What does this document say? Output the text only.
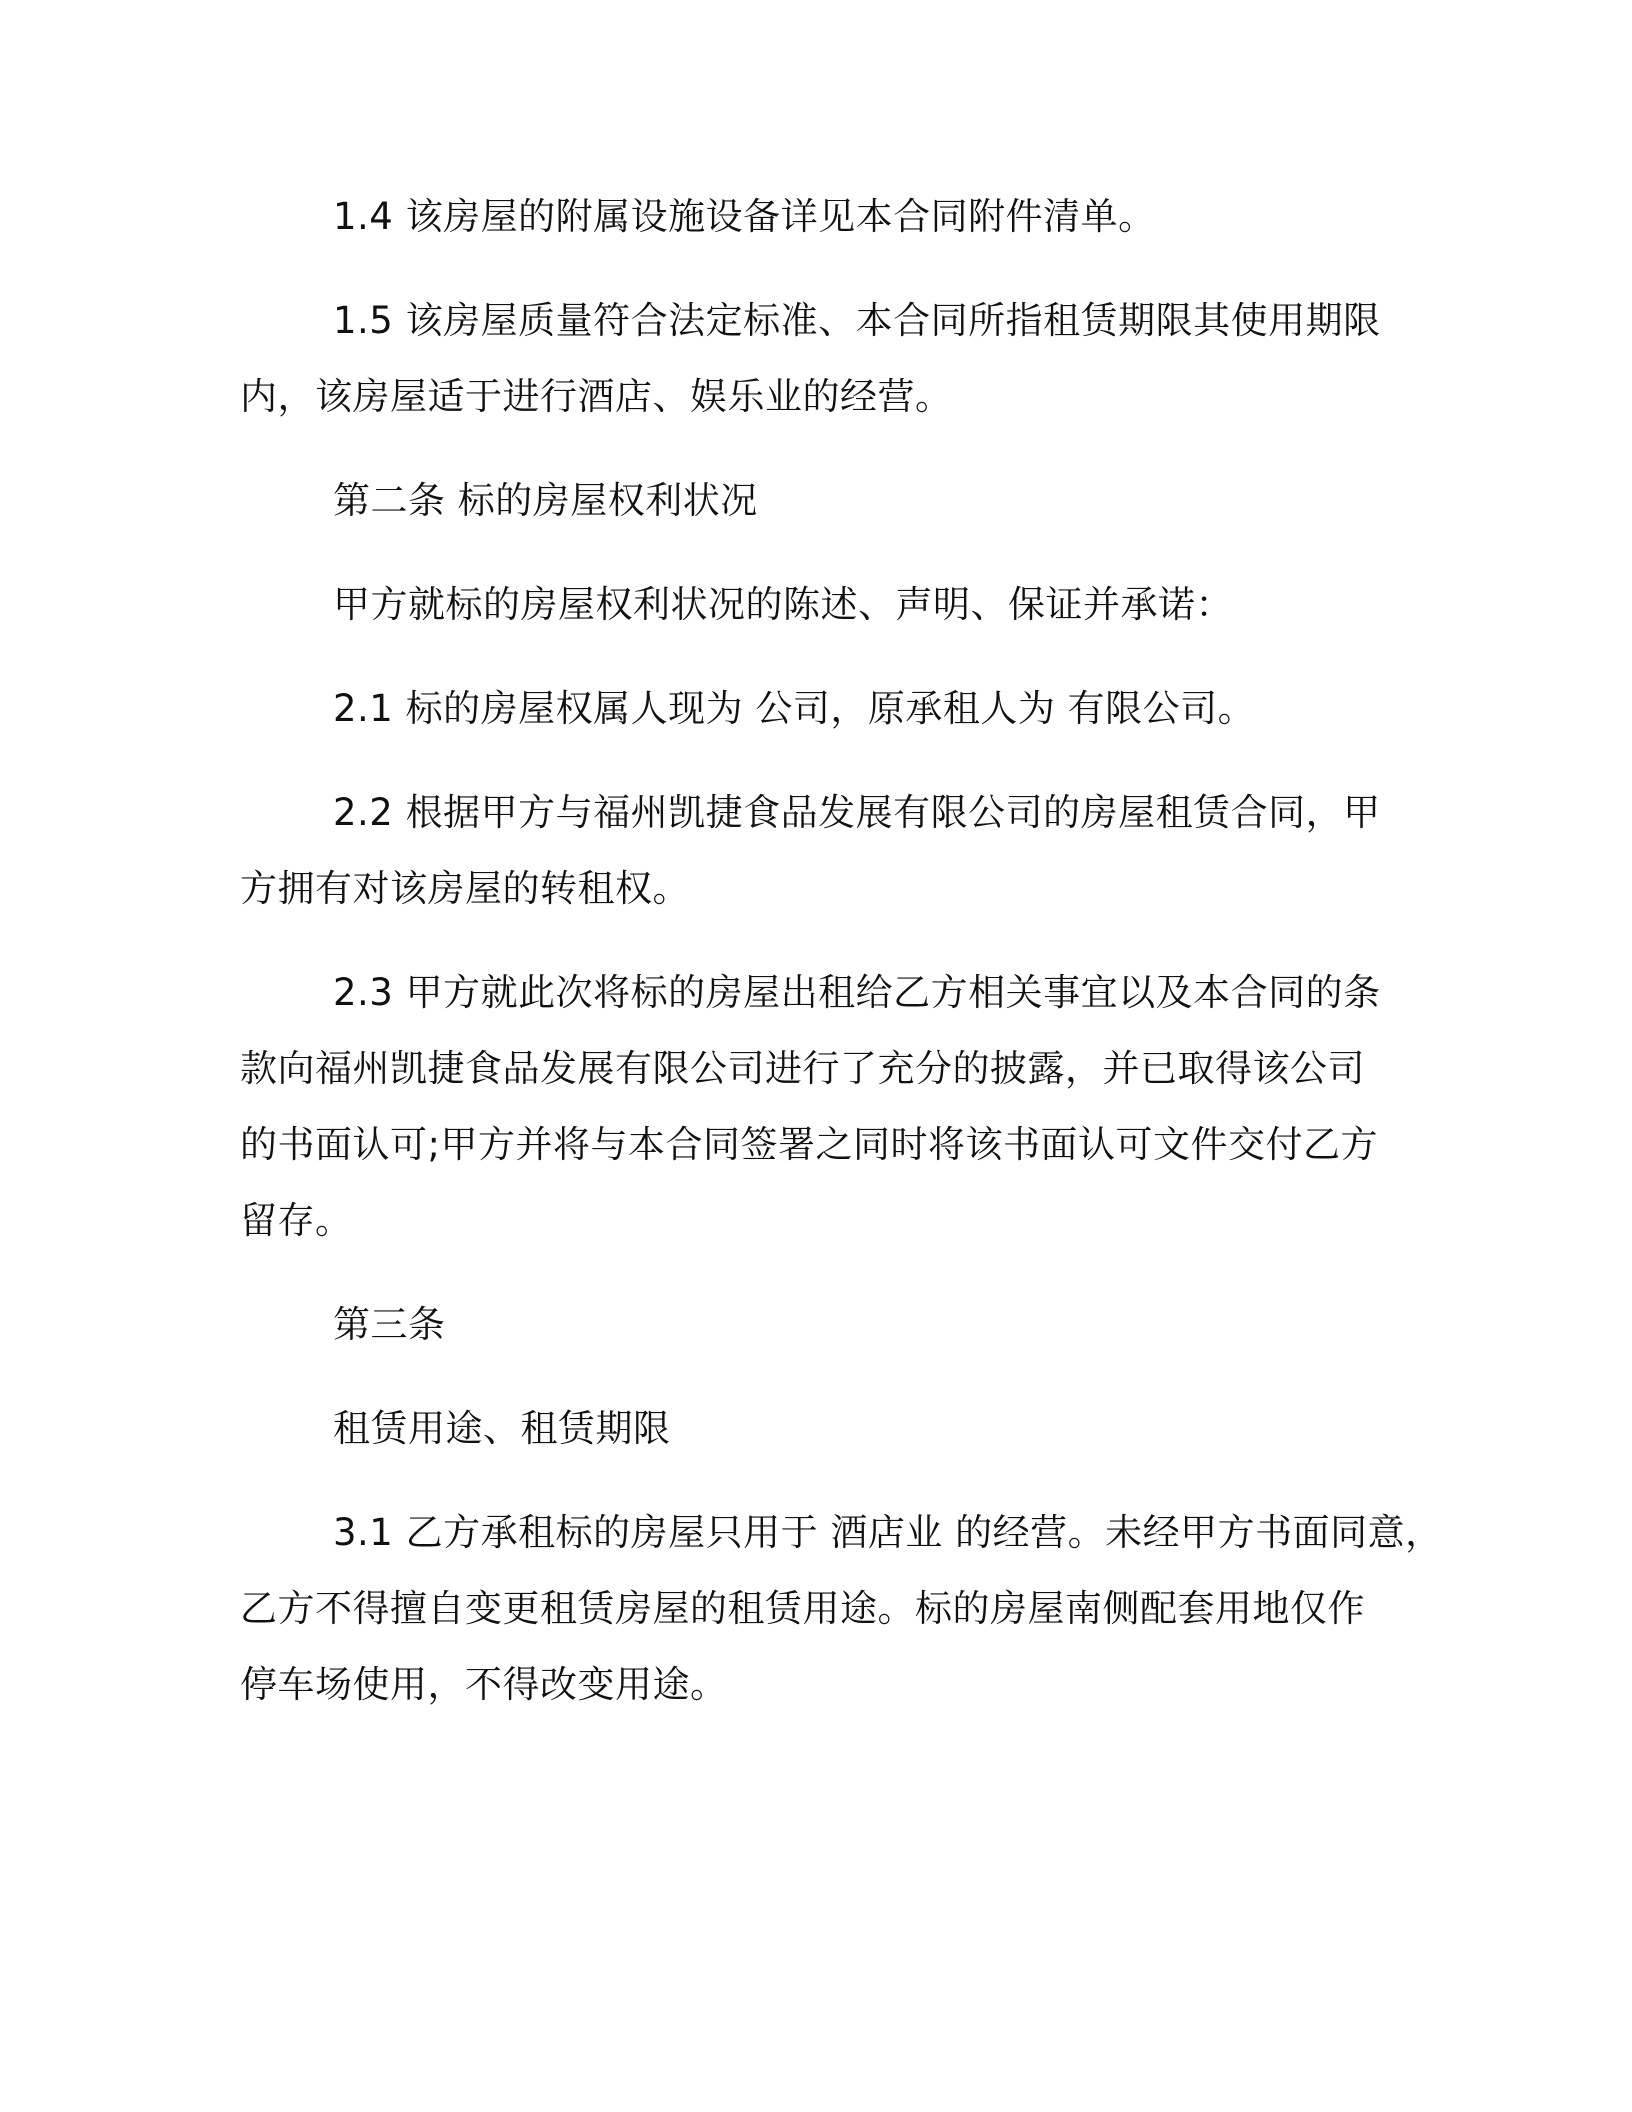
1.4 该房屋的附属设施设备详见本合同附件清单。
1.5 该房屋质量符合法定标准、本合同所指租赁期限其使用期限
内，该房屋适于进行酒店、娱乐业的经营。
第二条 标的房屋权利状况
甲方就标的房屋权利状况的陈述、声明、保证并承诺：
2.1 标的房屋权属人现为 公司，原承租人为 有限公司。
2.2 根据甲方与福州凯捷食品发展有限公司的房屋租赁合同，甲
方拥有对该房屋的转租权。
2.3 甲方就此次将标的房屋出租给乙方相关事宜以及本合同的条
款向福州凯捷食品发展有限公司进行了充分的披露，并已取得该公司
的书面认可;甲方并将与本合同签署之同时将该书面认可文件交付乙方
留存。
第三条
租赁用途、租赁期限
3.1 乙方承租标的房屋只用于 酒店业 的经营。未经甲方书面同意，
乙方不得擅自变更租赁房屋的租赁用途。标的房屋南侧配套用地仅作
停车场使用，不得改变用途。
